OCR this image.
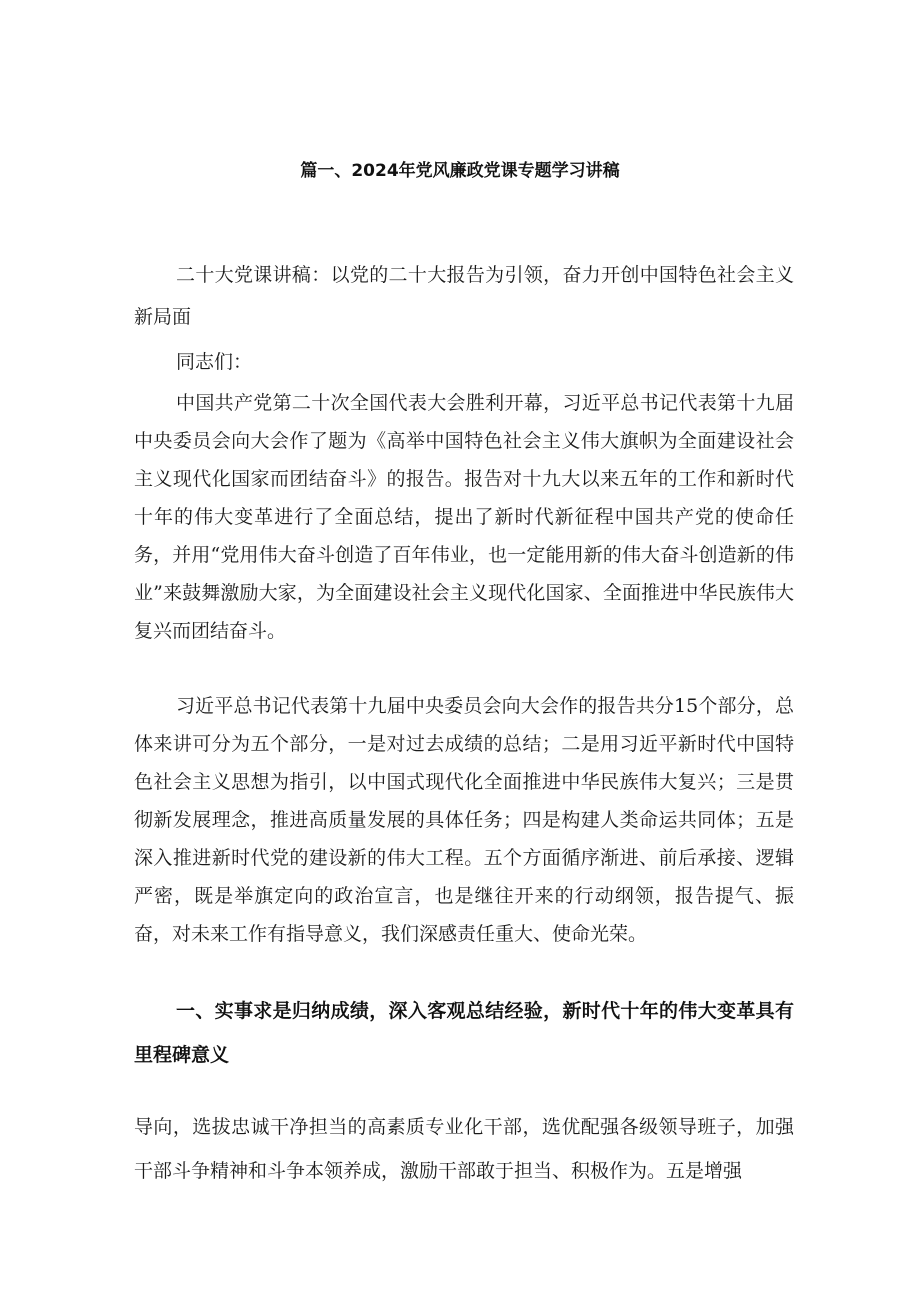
篇一、2024年党风廉政党课专题学习讲稿

二十大党课讲稿：以党的二十大报告为引领，奋力开创中国特色社会主义新局面

同志们：

中国共产党第二十次全国代表大会胜利开幕，习近平总书记代表第十九届中央委员会向大会作了题为《高举中国特色社会主义伟大旗帜为全面建设社会主义现代化国家而团结奋斗》的报告。报告对十九大以来五年的工作和新时代十年的伟大变革进行了全面总结，提出了新时代新征程中国共产党的使命任务，并用“党用伟大奋斗创造了百年伟业，也一定能用新的伟大奋斗创造新的伟业”来鼓舞激励大家，为全面建设社会主义现代化国家、全面推进中华民族伟大复兴而团结奋斗。

习近平总书记代表第十九届中央委员会向大会作的报告共分15个部分，总体来讲可分为五个部分，一是对过去成绩的总结；二是用习近平新时代中国特色社会主义思想为指引，以中国式现代化全面推进中华民族伟大复兴；三是贯彻新发展理念，推进高质量发展的具体任务；四是构建人类命运共同体；五是深入推进新时代党的建设新的伟大工程。五个方面循序渐进、前后承接、逻辑严密，既是举旗定向的政治宣言，也是继往开来的行动纲领，报告提气、振奋，对未来工作有指导意义，我们深感责任重大、使命光荣。

一、实事求是归纳成绩，深入客观总结经验，新时代十年的伟大变革具有里程碑意义

导向，选拔忠诚干净担当的高素质专业化干部，选优配强各级领导班子，加强干部斗争精神和斗争本领养成，激励干部敢于担当、积极作为。五是增强
